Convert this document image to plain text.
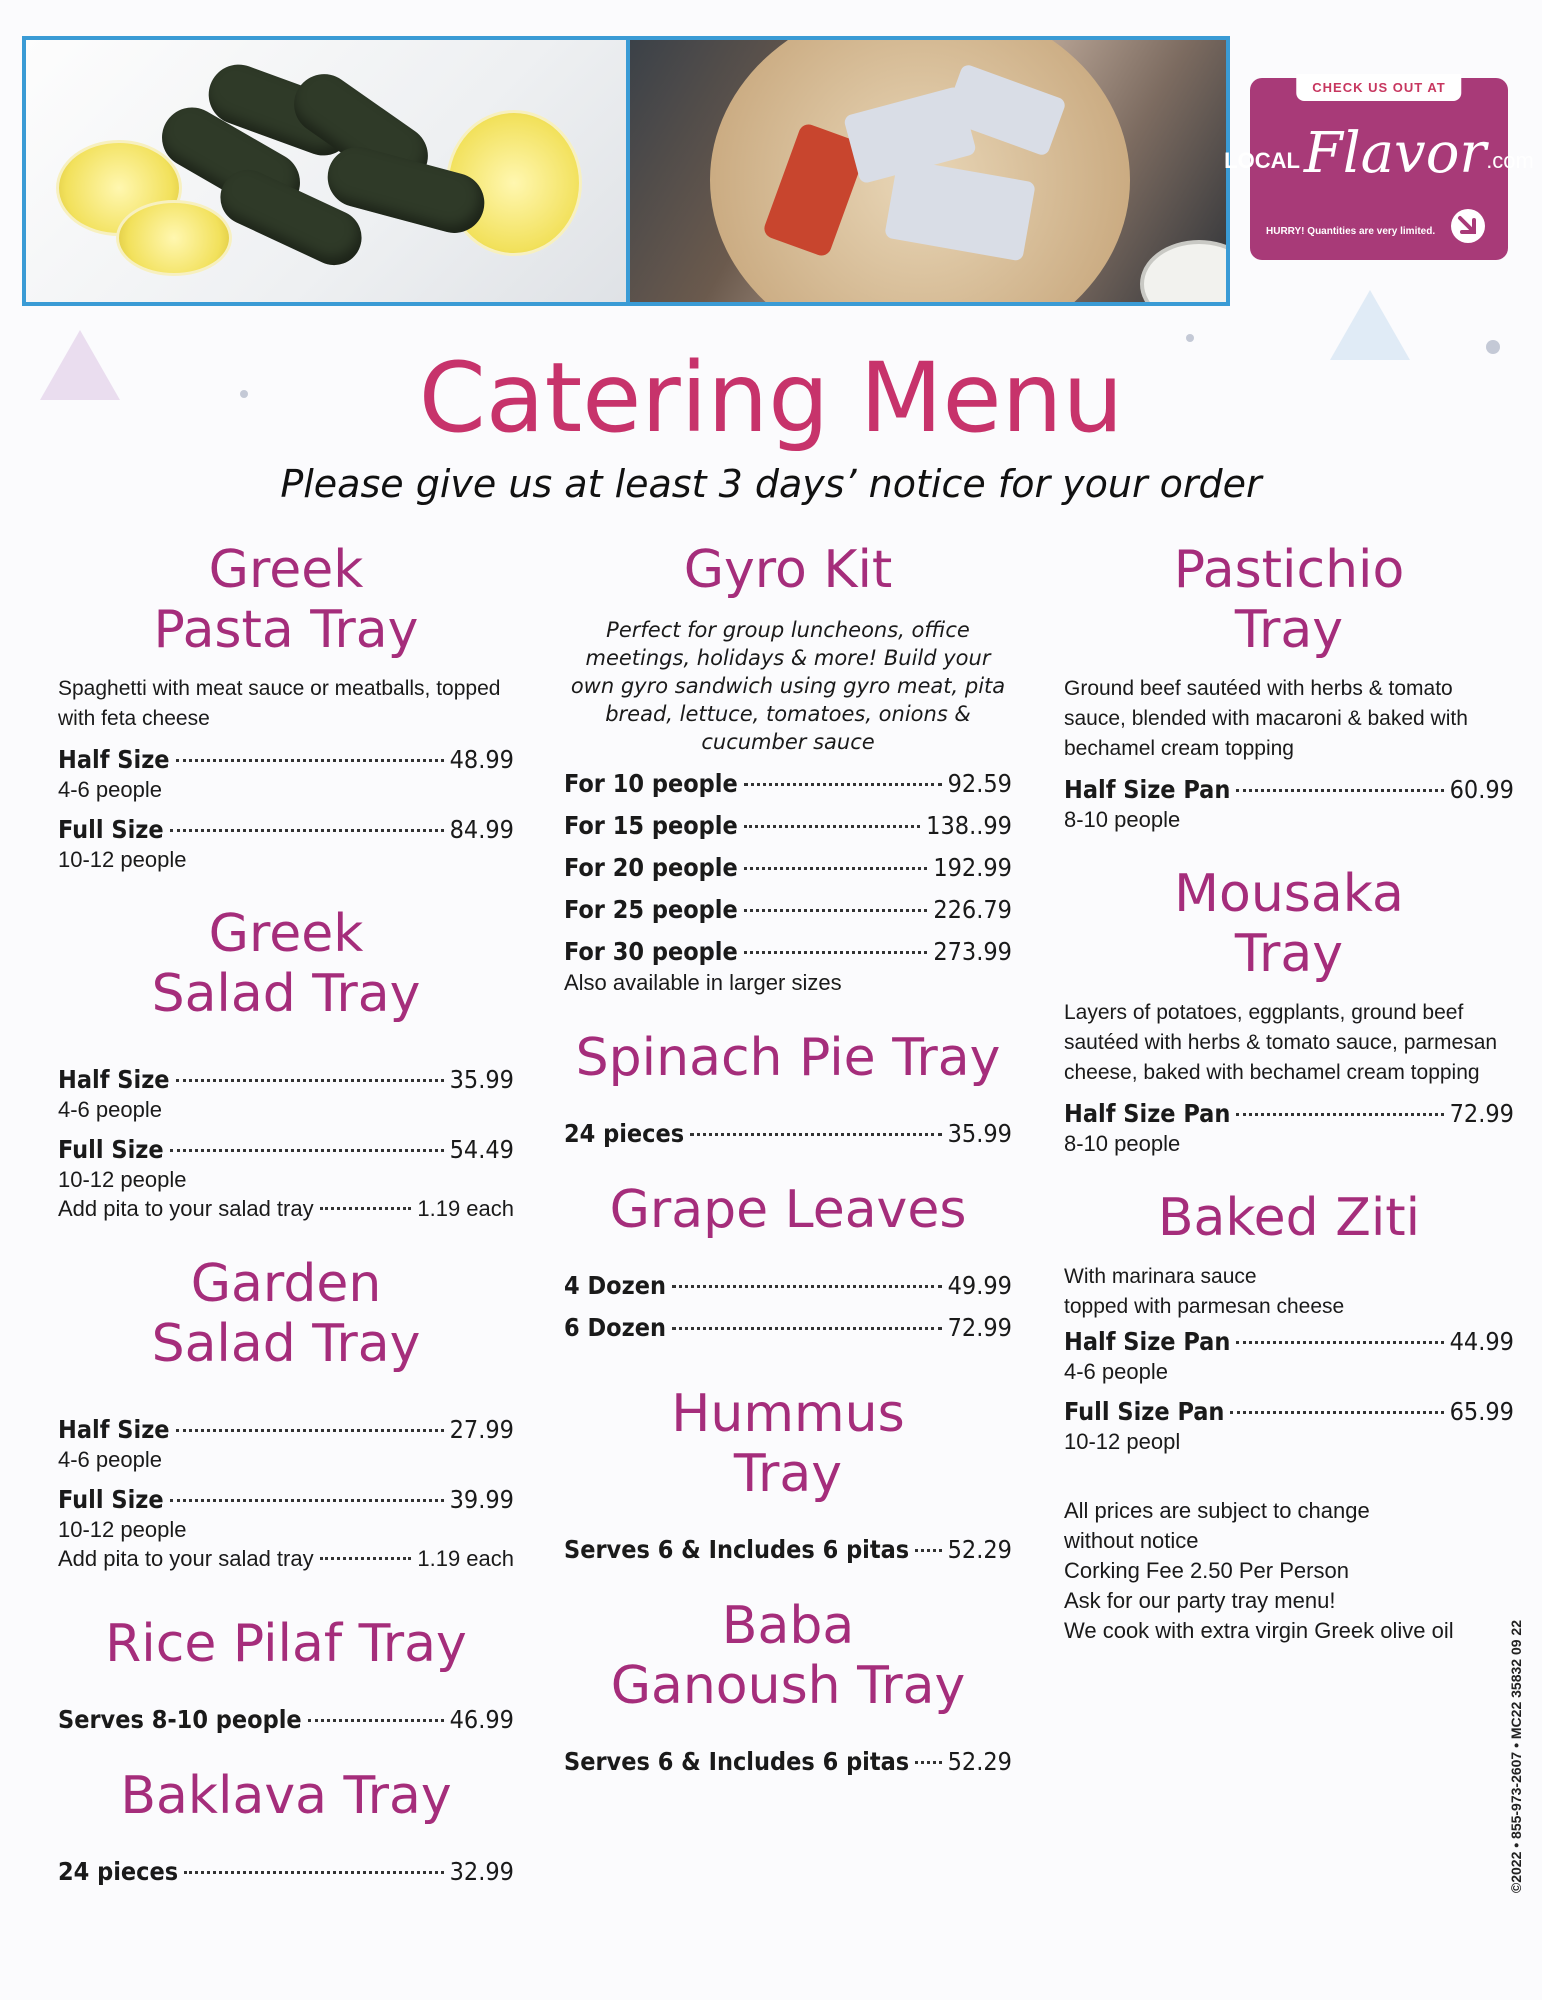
CHECK US OUT AT
LOCAL Flavor .com
HURRY! Quantities are very limited.
Catering Menu
Please give us at least 3 days’ notice for your order
Greek
Pasta Tray
Spaghetti with meat sauce or meatballs, topped with feta cheese
Half Size	48.99
4-6 people
Full Size	84.99
10-12 people
Greek
Salad Tray
Half Size	35.99
4-6 people
Full Size	54.49
10-12 people
Add pita to your salad tray	1.19 each
Garden
Salad Tray
Half Size	27.99
4-6 people
Full Size	39.99
10-12 people
Add pita to your salad tray	1.19 each
Rice Pilaf Tray
Serves 8-10 people	46.99
Baklava Tray
24 pieces	32.99
Gyro Kit
Perfect for group luncheons, office meetings, holidays & more! Build your own gyro sandwich using gyro meat, pita bread, lettuce, tomatoes, onions & cucumber sauce
For 10 people	92.59
For 15 people	138..99
For 20 people	192.99
For 25 people	226.79
For 30 people	273.99
Also available in larger sizes
Spinach Pie Tray
24 pieces	35.99
Grape Leaves
4 Dozen	49.99
6 Dozen	72.99
Hummus
Tray
Serves 6 & Includes 6 pitas 52.29
Baba
Ganoush Tray
Serves 6 & Includes 6 pitas 52.29
Pastichio
Tray
Ground beef sautéed with herbs & tomato sauce, blended with macaroni & baked with bechamel cream topping
Half Size Pan	60.99
8-10 people
Mousaka
Tray
Layers of potatoes, eggplants, ground beef sautéed with herbs & tomato sauce, parmesan cheese, baked with bechamel cream topping
Half Size Pan	72.99
8-10 people
Baked Ziti
With marinara sauce
topped with parmesan cheese
Half Size Pan	44.99
4-6 people
Full Size Pan	65.99
10-12 peopl
All prices are subject to change
without notice
Corking Fee 2.50 Per Person
Ask for our party tray menu!
We cook with extra virgin Greek olive oil	©2022 • 855-973-2607 • MC22 35832 09 22
